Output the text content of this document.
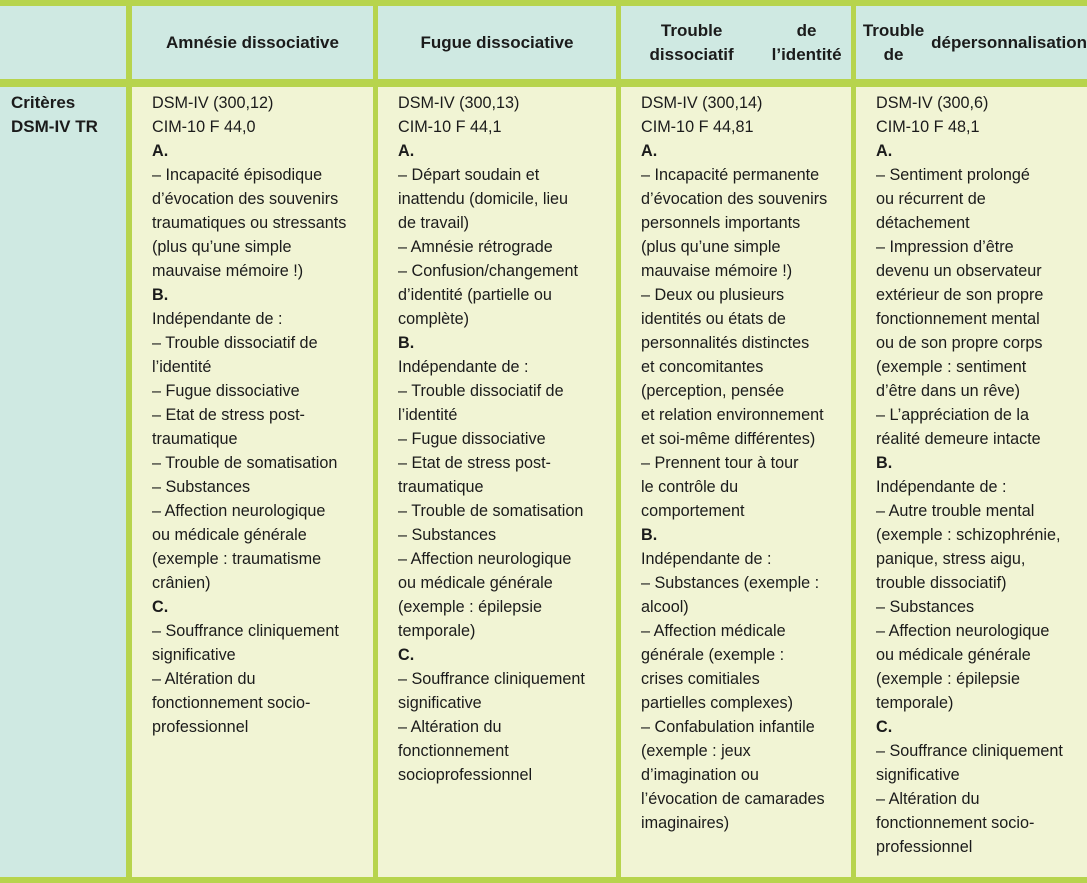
Amnésie dissociative	Fugue dissociative
Trouble dissociatif
de l’identité
Trouble de
dépersonnalisation
Critères
DSM-IV TR
DSM-IV (300,12)
CIM-10 F 44,0
A.
– Incapacité épisodique
d’évocation des souvenirs
traumatiques ou stressants
(plus qu’une simple
mauvaise mémoire !)
B.
Indépendante de :
– Trouble dissociatif de
l’identité
– Fugue dissociative
– Etat de stress post-
traumatique
– Trouble de somatisation
– Substances
– Affection neurologique
ou médicale générale
(exemple : traumatisme
crânien)
C.
– Souffrance cliniquement
significative
– Altération du
fonctionnement socio-
professionnel
DSM-IV (300,13)
CIM-10 F 44,1
A.
– Départ soudain et
inattendu (domicile, lieu
de travail)
– Amnésie rétrograde
– Confusion/changement
d’identité (partielle ou
complète)
B.
Indépendante de :
– Trouble dissociatif de
l’identité
– Fugue dissociative
– Etat de stress post-
traumatique
– Trouble de somatisation
– Substances
– Affection neurologique
ou médicale générale
(exemple : épilepsie
temporale)
C.
– Souffrance cliniquement
significative
– Altération du
fonctionnement
socioprofessionnel
DSM-IV (300,14)
CIM-10 F 44,81
A.
– Incapacité permanente
d’évocation des souvenirs
personnels importants
(plus qu’une simple
mauvaise mémoire !)
– Deux ou plusieurs
identités ou états de
personnalités distinctes
et concomitantes
(perception, pensée
et relation environnement
et soi-même différentes)
– Prennent tour à tour
le contrôle du
comportement
B.
Indépendante de :
– Substances (exemple :
alcool)
– Affection médicale
générale (exemple :
crises comitiales
partielles complexes)
– Confabulation infantile
(exemple : jeux
d’imagination ou
l’évocation de camarades
imaginaires)
DSM-IV (300,6)
CIM-10 F 48,1
A.
– Sentiment prolongé
ou récurrent de
détachement
– Impression d’être
devenu un observateur
extérieur de son propre
fonctionnement mental
ou de son propre corps
(exemple : sentiment
d’être dans un rêve)
– L’appréciation de la
réalité demeure intacte
B.
Indépendante de :
– Autre trouble mental
(exemple : schizophrénie,
panique, stress aigu,
trouble dissociatif)
– Substances
– Affection neurologique
ou médicale générale
(exemple : épilepsie
temporale)
C.
– Souffrance cliniquement
significative
– Altération du
fonctionnement socio-
professionnel
